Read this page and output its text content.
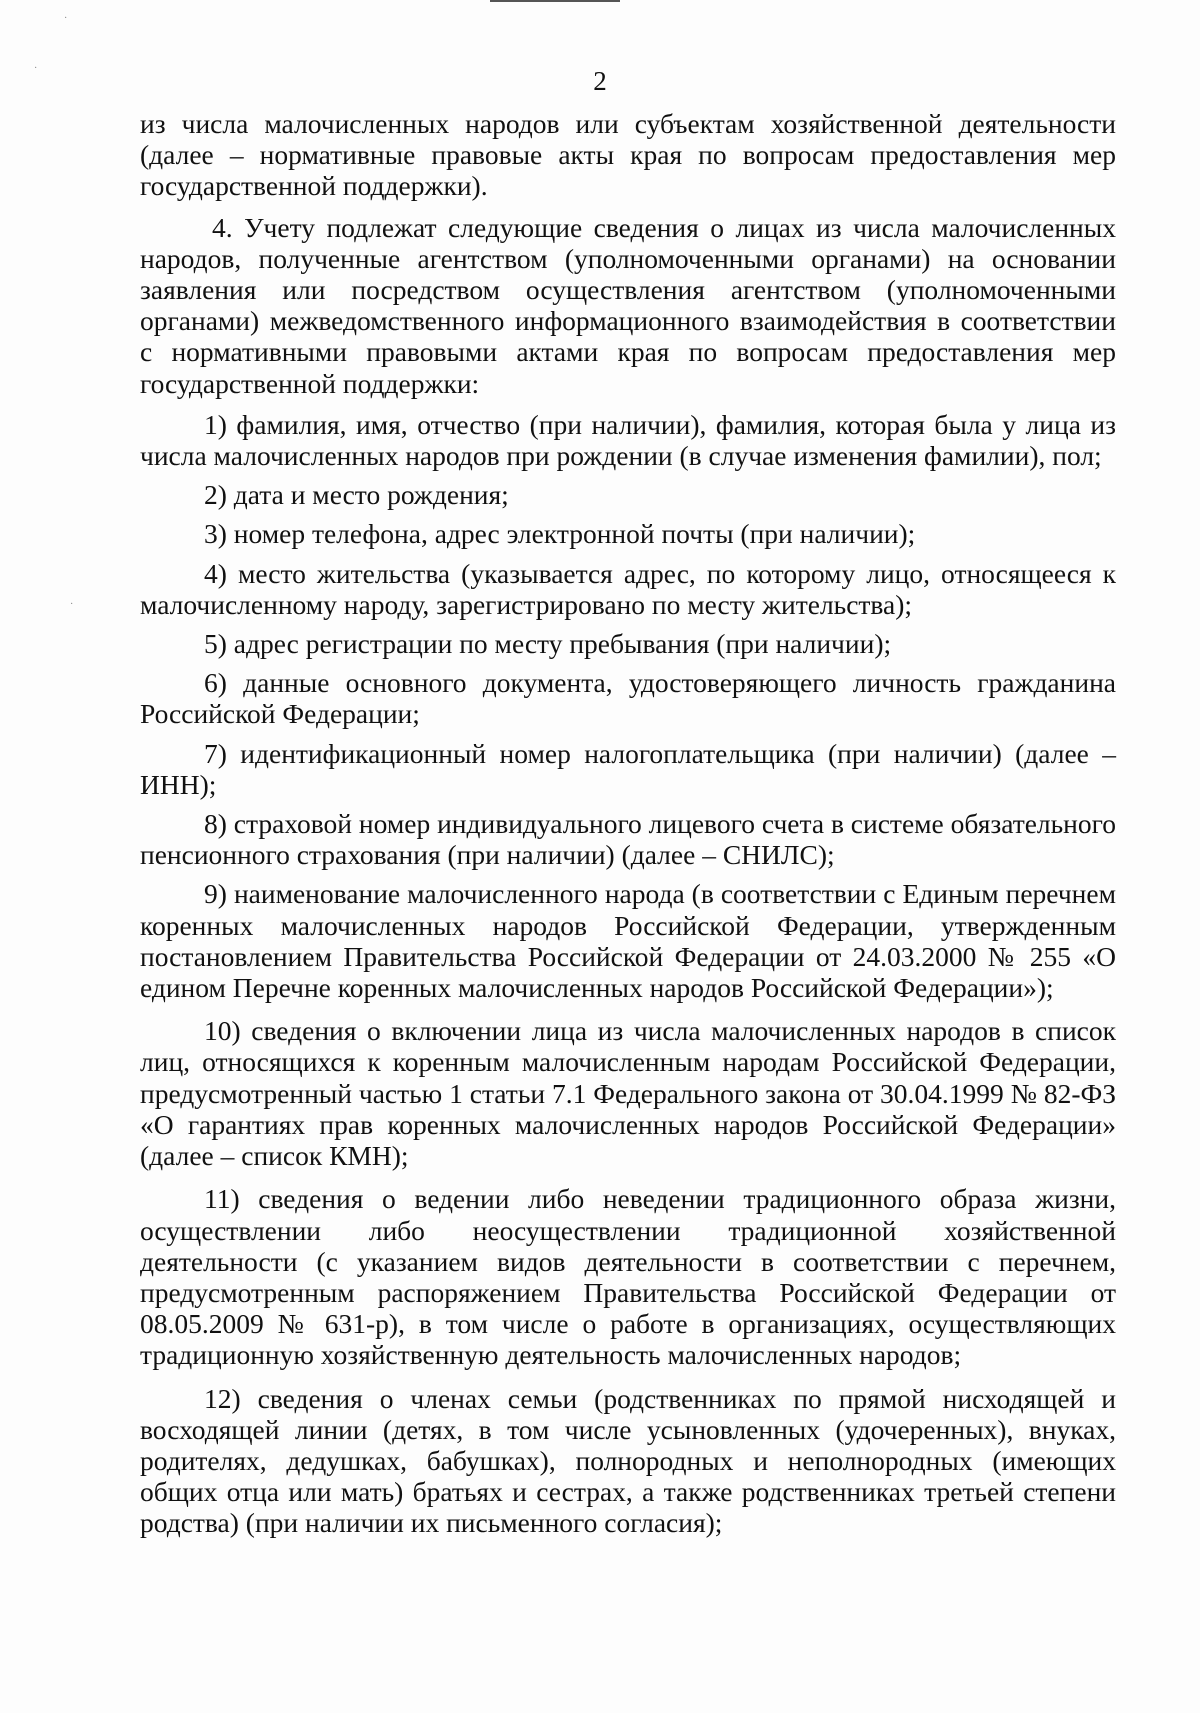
·
·
·
2

из числа малочисленных народов или субъектам хозяйственной деятельности (далее – нормативные правовые акты края по вопросам предоставления мер государственной поддержки).

4. Учету подлежат следующие сведения о лицах из числа малочисленных народов, полученные агентством (уполномоченными органами) на основании заявления или посредством осуществления агентством (уполномоченными органами) межведомственного информационного взаимодействия в соответствии с нормативными правовыми актами края по вопросам предоставления мер государственной поддержки:

1) фамилия, имя, отчество (при наличии), фамилия, которая была у лица из числа малочисленных народов при рождении (в случае изменения фамилии), пол;

2) дата и место рождения;

3) номер телефона, адрес электронной почты (при наличии);

4) место жительства (указывается адрес, по которому лицо, относящееся к малочисленному народу, зарегистрировано по месту жительства);

5) адрес регистрации по месту пребывания (при наличии);

6) данные основного документа, удостоверяющего личность гражданина Российской Федерации;

7) идентификационный номер налогоплательщика (при наличии) (далее – ИНН);

8) страховой номер индивидуального лицевого счета в системе обязательного пенсионного страхования (при наличии) (далее – СНИЛС);

9) наименование малочисленного народа (в соответствии с Единым перечнем коренных малочисленных народов Российской Федерации, утвержденным постановлением Правительства Российской Федерации от 24.03.2000 № 255 «О едином Перечне коренных малочисленных народов Российской Федерации»);

10) сведения о включении лица из числа малочисленных народов в список лиц, относящихся к коренным малочисленным народам Российской Федерации, предусмотренный частью 1 статьи 7.1 Федерального закона от 30.04.1999 № 82-ФЗ «О гарантиях прав коренных малочисленных народов Российской Федерации» (далее – список КМН);

11) сведения о ведении либо неведении традиционного образа жизни, осуществлении либо неосуществлении традиционной хозяйственной деятельности (с указанием видов деятельности в соответствии с перечнем, предусмотренным распоряжением Правительства Российской Федерации от 08.05.2009 № 631-р), в том числе о работе в организациях, осуществляющих традиционную хозяйственную деятельность малочисленных народов;

12) сведения о членах семьи (родственниках по прямой нисходящей и восходящей линии (детях, в том числе усыновленных (удочеренных), внуках, родителях, дедушках, бабушках), полнородных и неполнородных (имеющих общих отца или мать) братьях и сестрах, а также родственниках третьей степени родства) (при наличии их письменного согласия);
